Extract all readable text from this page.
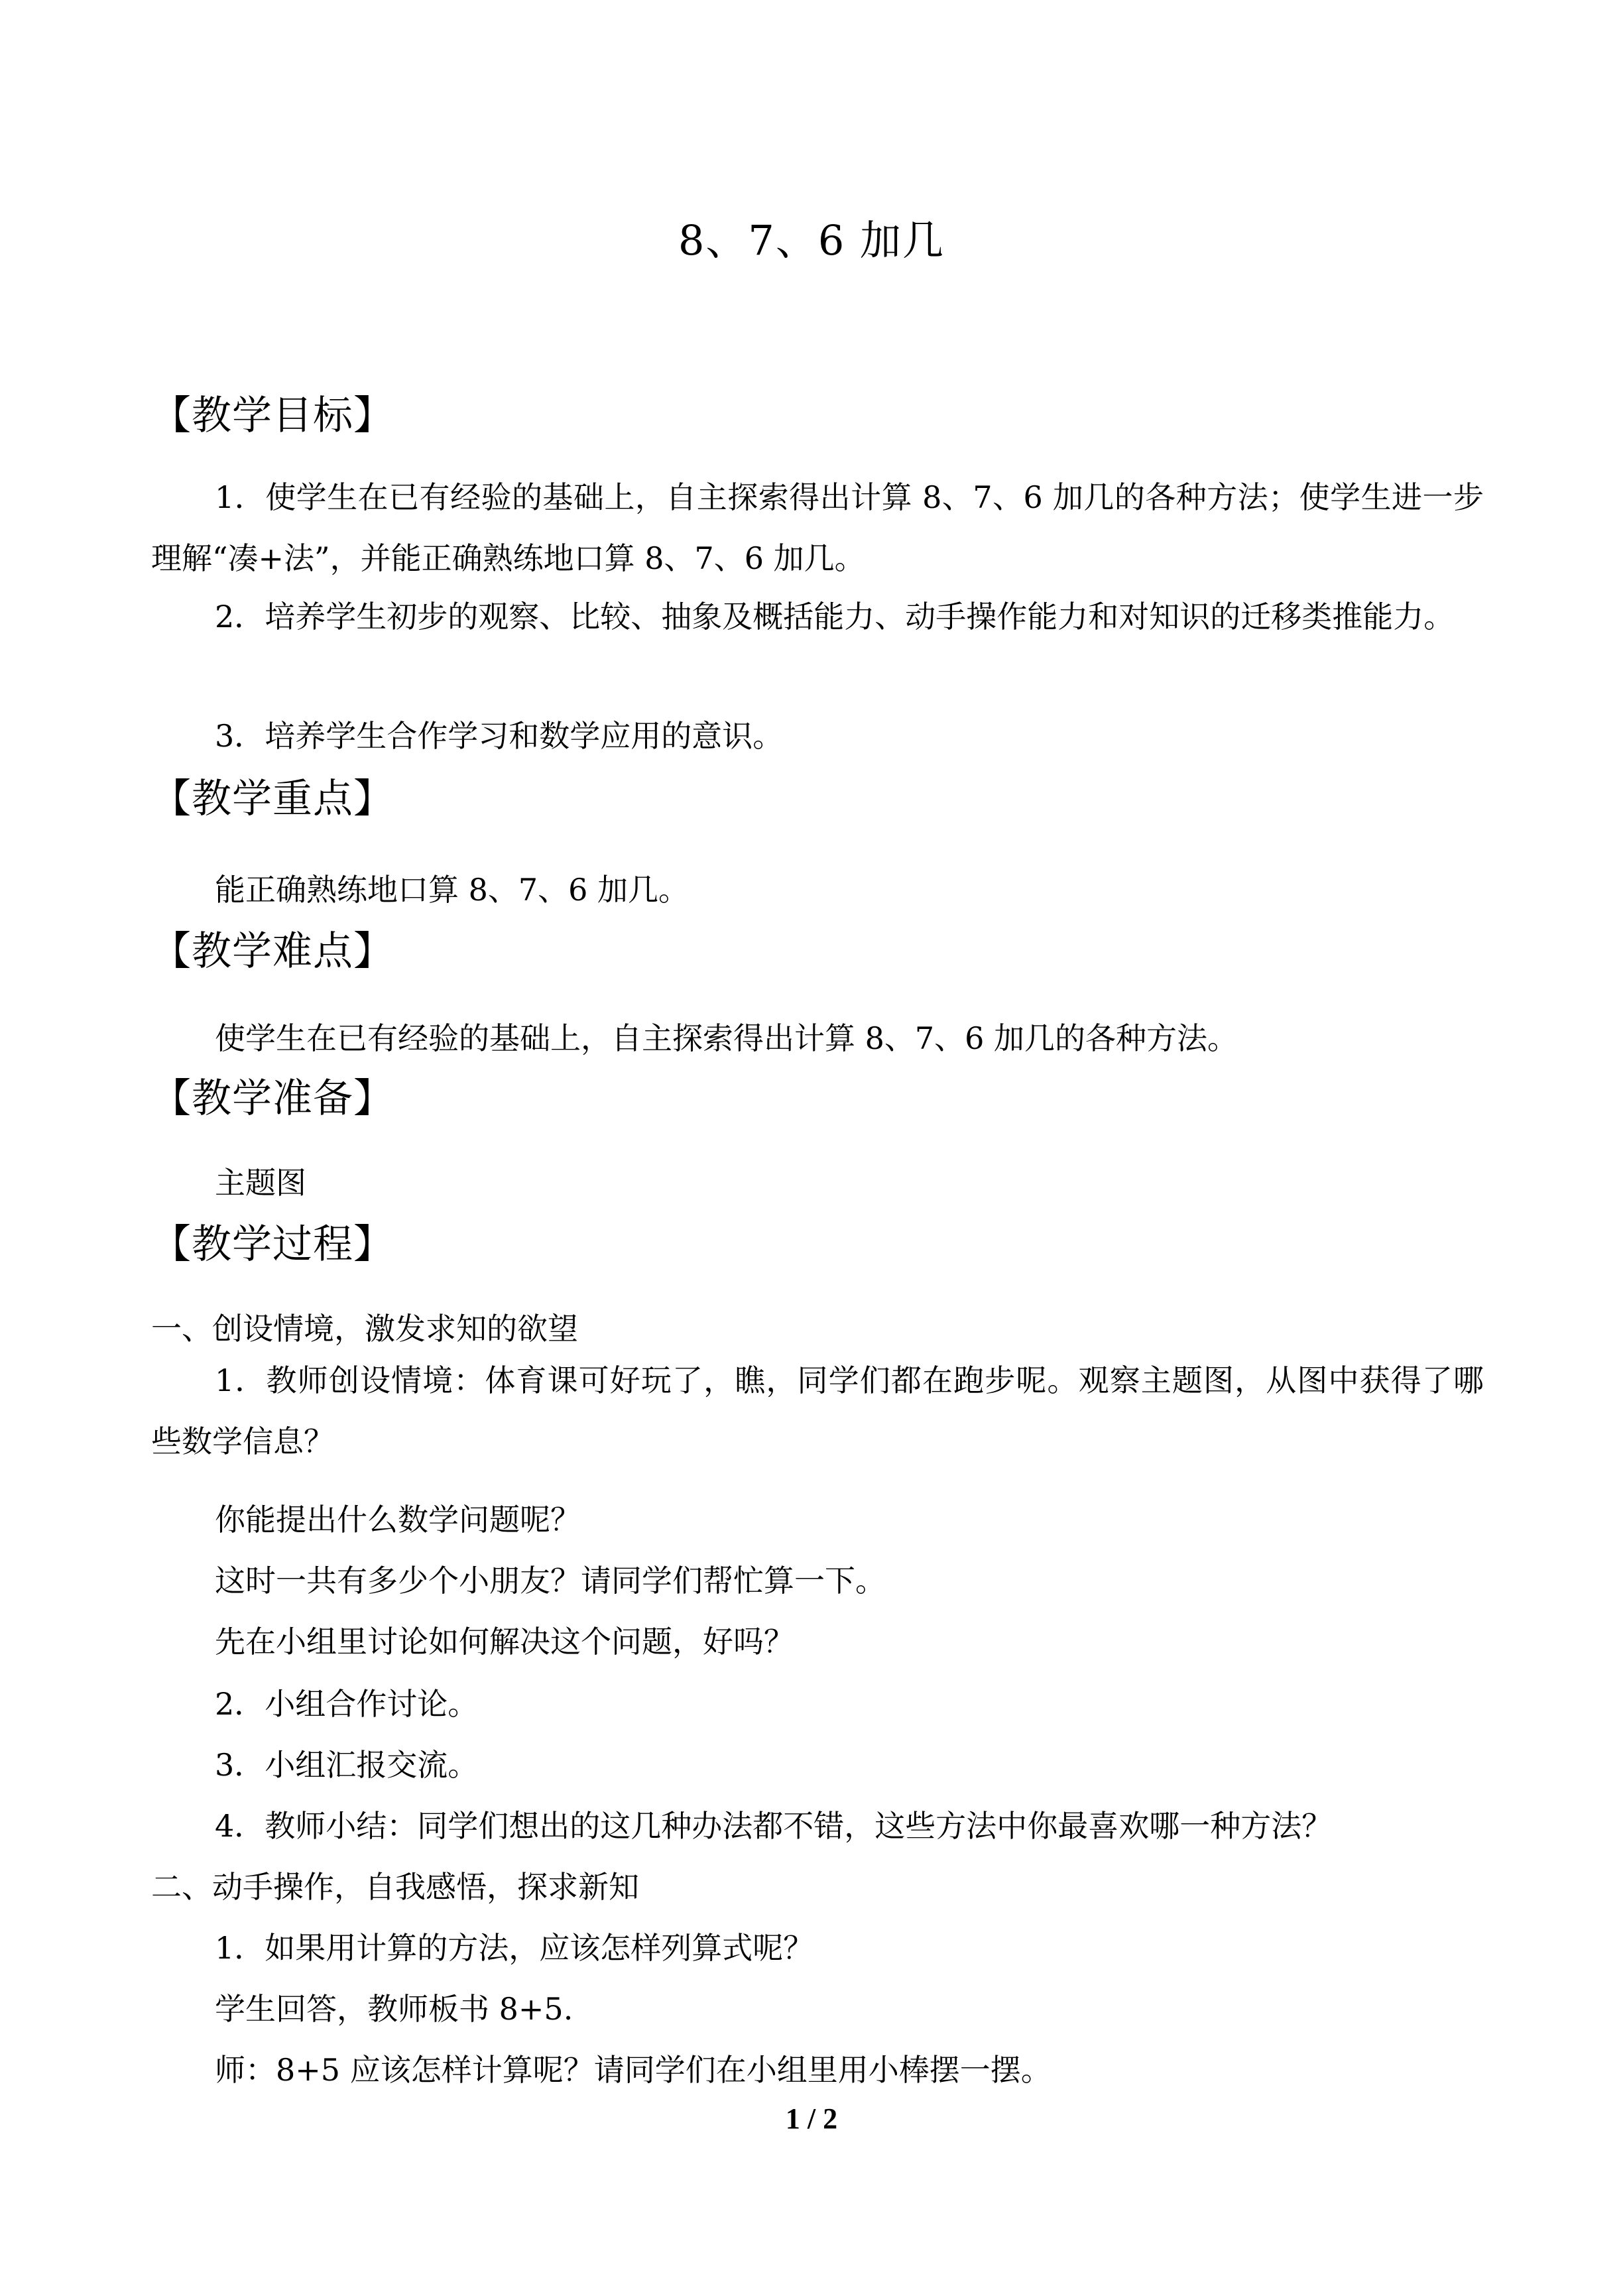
8、7、6 加几
【教学目标】
1．使学生在已有经验的基础上，自主探索得出计算 8、7、6 加几的各种方法；使学生进一步理解“凑+法”，并能正确熟练地口算 8、7、6 加几。
2．培养学生初步的观察、比较、抽象及概括能力、动手操作能力和对知识的迁移类推能力。
3．培养学生合作学习和数学应用的意识。
【教学重点】
能正确熟练地口算 8、7、6 加几。
【教学难点】
使学生在已有经验的基础上，自主探索得出计算 8、7、6 加几的各种方法。
【教学准备】
主题图
【教学过程】
一、创设情境，激发求知的欲望
1．教师创设情境：体育课可好玩了，瞧，同学们都在跑步呢。观察主题图，从图中获得了哪些数学信息？
你能提出什么数学问题呢？
这时一共有多少个小朋友？请同学们帮忙算一下。
先在小组里讨论如何解决这个问题，好吗？
2．小组合作讨论。
3．小组汇报交流。
4．教师小结：同学们想出的这几种办法都不错，这些方法中你最喜欢哪一种方法？
二、动手操作，自我感悟，探求新知
1．如果用计算的方法，应该怎样列算式呢？
学生回答，教师板书 8+5.
师：8+5 应该怎样计算呢？请同学们在小组里用小棒摆一摆。
1 / 2
